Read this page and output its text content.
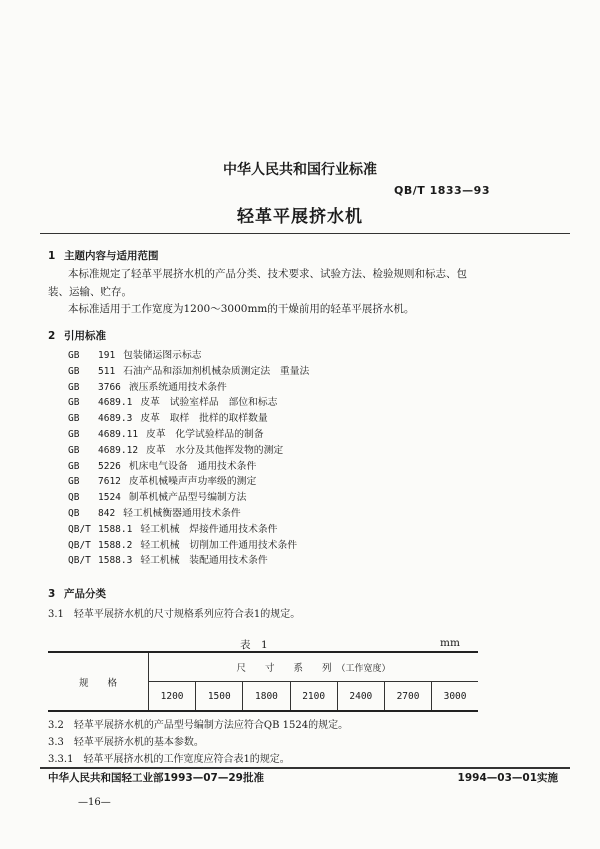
中华人民共和国行业标准
QB/T 1833—93
轻革平展挤水机
1 主题内容与适用范围
本标准规定了轻革平展挤水机的产品分类、技术要求、试验方法、检验规则和标志、包
装、运输、贮存。
本标准适用于工作宽度为1200～3000mm的干燥前用的轻革平展挤水机。
2 引用标准
GB 191 包装储运图示标志
GB 511 石油产品和添加剂机械杂质测定法　重量法
GB 3766 液压系统通用技术条件
GB 4689.1 皮革　试验室样品　部位和标志
GB 4689.3 皮革　取样　批样的取样数量
GB 4689.11 皮革　化学试验样品的制备
GB 4689.12 皮革　水分及其他挥发物的测定
GB 5226 机床电气设备　通用技术条件
GB 7612 皮革机械噪声声功率级的测定
QB 1524 制革机械产品型号编制方法
QB 842 轻工机械衡器通用技术条件
QB/T 1588.1 轻工机械　焊接件通用技术条件
QB/T 1588.2 轻工机械　切削加工件通用技术条件
QB/T 1588.3 轻工机械　装配通用技术条件
3 产品分类
3.1　轻革平展挤水机的尺寸规格系列应符合表1的规定。
表　1	mm
规　　格	尺　　寸　　系　　列　 （工作宽度）						
	1200	1500	1800	2100	2400	2700	3000
3.2　轻革平展挤水机的产品型号编制方法应符合QB 1524的规定。
3.3　轻革平展挤水机的基本参数。
3.3.1　轻革平展挤水机的工作宽度应符合表1的规定。
中华人民共和国轻工业部1993—07—29批准	1994—03—01实施
—16—
